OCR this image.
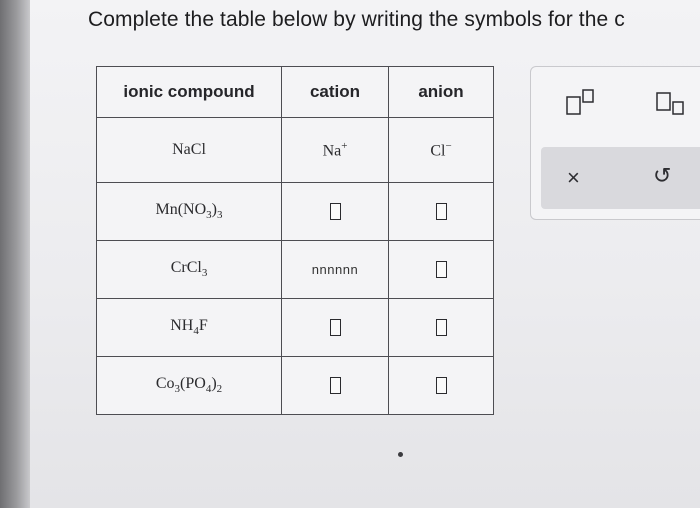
Complete the table below by writing the symbols for the c
ionic compound	cation	anion
NaCl	Na+	Cl−
$Mn(NO_3)_3$		
CrCl$_3$	nnnnnn	
$NH_4F$		
$Co_3(PO_4)_2$		
×	↺
